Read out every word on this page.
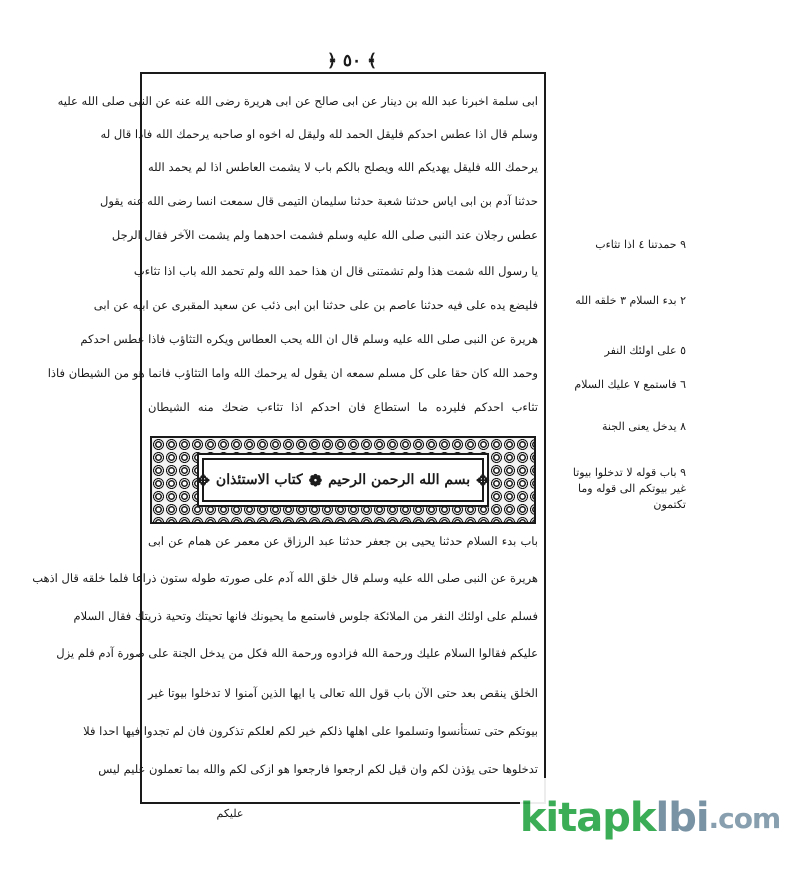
﴿ ٥٠ ﴾
ابی سلمة اخبرنا عبد الله بن دینار عن ابی صالح عن ابی هریرة رضی الله عنه عن النبی صلی الله علیه
وسلم قال اذا عطس احدكم فلیقل الحمد لله ولیقل له اخوه او صاحبه یرحمك الله فاذا قال له
یرحمك الله فلیقل یهدیكم الله ویصلح بالكم باب لا یشمت العاطس اذا لم یحمد الله
حدثنا آدم بن ابی ایاس حدثنا شعبة حدثنا سلیمان التیمی قال سمعت انسا رضی الله عنه یقول
عطس رجلان عند النبی صلی الله علیه وسلم فشمت احدهما ولم یشمت الآخر فقال الرجل
یا رسول الله شمت هذا ولم تشمتنی قال ان هذا حمد الله ولم تحمد الله باب اذا تثاءب
فلیضع یده علی فیه حدثنا عاصم بن علی حدثنا ابن ابی ذئب عن سعید المقبری عن ابیه عن ابی
هریرة عن النبی صلی الله علیه وسلم قال ان الله یحب العطاس ویكره التثاؤب فاذا عطس احدكم
وحمد الله كان حقا علی كل مسلم سمعه ان یقول له یرحمك الله واما التثاؤب فانما هو من الشیطان فاذا
تثاءب احدكم فلیرده ما استطاع فان احدكم اذا تثاءب ضحك منه الشیطان
✥
بسم الله الرحمن الرحیم
❁
كتاب الاستئذان
✥
باب بدء السلام حدثنا یحیی بن جعفر حدثنا عبد الرزاق عن معمر عن همام عن ابی
هریرة عن النبی صلی الله علیه وسلم قال خلق الله آدم علی صورته طوله ستون ذراعا فلما خلقه قال اذهب
فسلم علی اولئك النفر من الملائكة جلوس فاستمع ما یحیونك فانها تحیتك وتحیة ذریتك فقال السلام
علیكم فقالوا السلام علیك ورحمة الله فزادوه ورحمة الله فكل من یدخل الجنة علی صورة آدم فلم یزل
الخلق ینقص بعد حتی الآن باب قول الله تعالی یا ایها الذین آمنوا لا تدخلوا بیوتا غیر
بیوتكم حتی تستأنسوا وتسلموا علی اهلها ذلكم خیر لكم لعلكم تذكرون فان لم تجدوا فیها احدا فلا
تدخلوها حتی یؤذن لكم وان قیل لكم ارجعوا فارجعوا هو ازكی لكم والله بما تعملون علیم لیس
٩ حمدتنا ٤ اذا تثاءب
٢ بدء السلام ٣ خلقه الله
٥ علی اولئك النفر
٦ فاستمع ٧ علیك السلام
٨ یدخل یعنی الجنة
٩ باب قوله لا تدخلوا بیوتا
غیر بیوتكم الی قوله وما
تكتمون
علیكم	kitapk lbi .com
